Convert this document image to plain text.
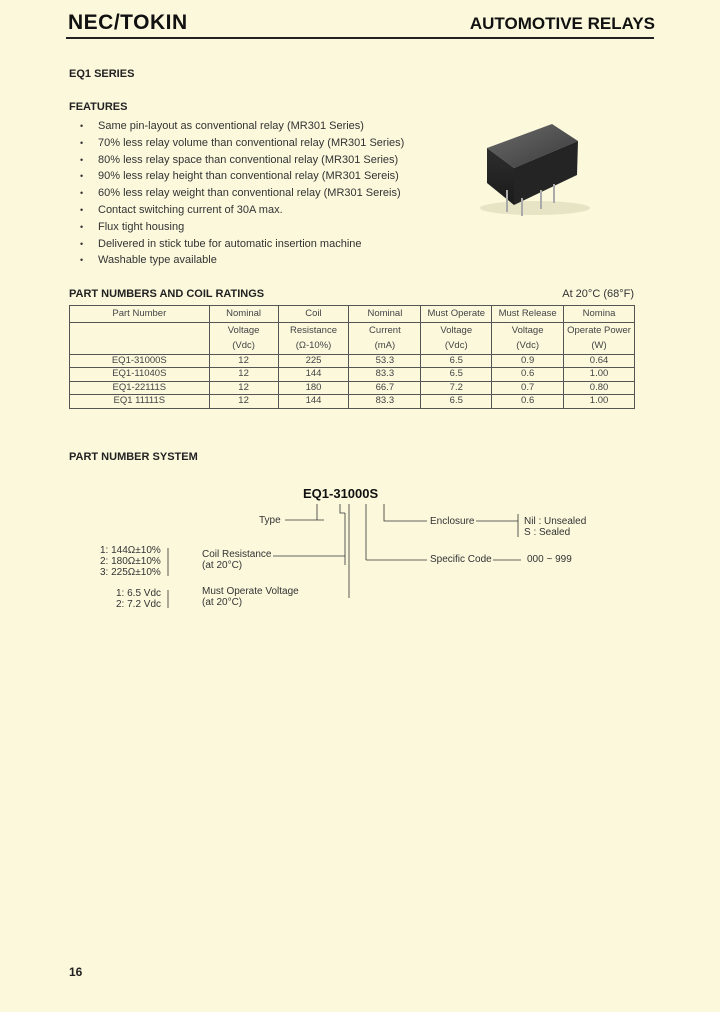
NEC/TOKIN	AUTOMOTIVE RELAYS
EQ1 SERIES
FEATURES
• Same pin-layout as conventional relay (MR301 Series)
• 70% less relay volume than conventional relay (MR301 Series)
• 80% less relay space than conventional relay (MR301 Series)
• 90% less relay height than conventional relay (MR301 Sereis)
• 60% less relay weight than conventional relay (MR301 Sereis)
• Contact switching current of 30A max.
• Flux tight housing
• Delivered in stick tube for automatic insertion machine
• Washable type available
PART NUMBERS AND COIL RATINGS	At 20°C (68°F)
Part Number	Nominal	Coil	Nominal	Must Operate	Must Release	Nomina
	Voltage	Resistance	Current	Voltage	Voltage	Operate Power
	(Vdc)	(Ω-10%)	(mA)	(Vdc)	(Vdc)	(W)
EQ1-31000S	12	225	53.3	6.5	0.9	0.64
EQ1-11040S	12	144	83.3	6.5	0.6	1.00
EQ1-22111S	12	180	66.7	7.2	0.7	0.80
EQ1 11111S	12	144	83.3	6.5	0.6	1.00
PART NUMBER SYSTEM
EQ1-31000S
Type
1: 144Ω±10%
2: 180Ω±10%
3: 225Ω±10%
Coil Resistance
(at 20°C)
1: 6.5 Vdc
2: 7.2 Vdc
Must Operate Voltage
(at 20°C)
Enclosure	Nil : Unsealed
S : Sealed
Specific Code	000 ~ 999
16
